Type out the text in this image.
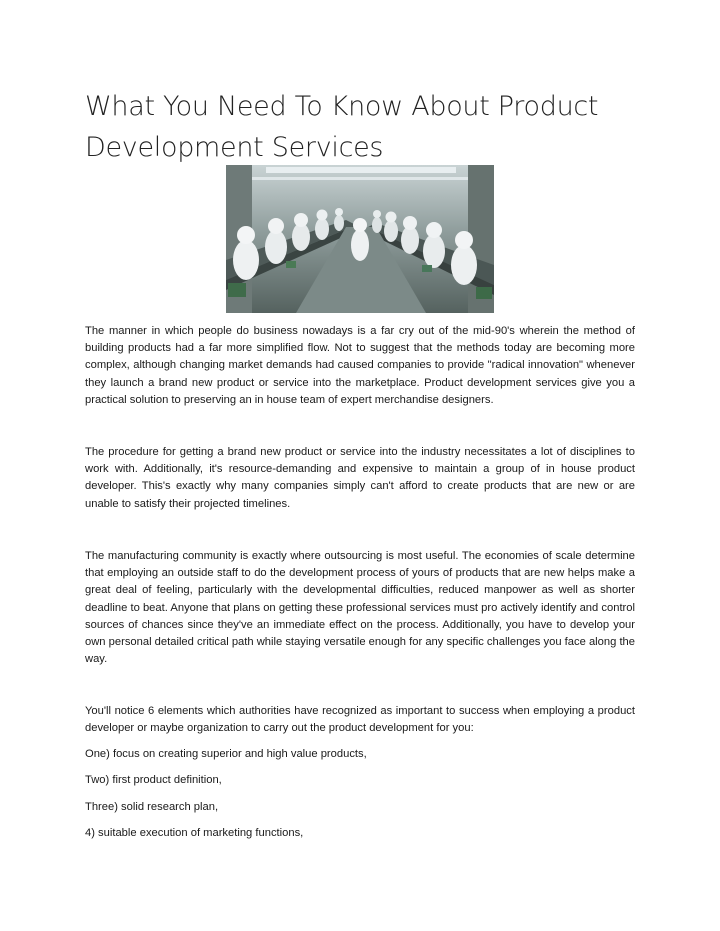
What You Need To Know About Product Development Services

The manner in which people do business nowadays is a far cry out of the mid-90's wherein the method of building products had a far more simplified flow. Not to suggest that the methods today are becoming more complex, although changing market demands had caused companies to provide "radical innovation" whenever they launch a brand new product or service into the marketplace. Product development services give you a practical solution to preserving an in house team of expert merchandise designers.

The procedure for getting a brand new product or service into the industry necessitates a lot of disciplines to work with. Additionally, it's resource-demanding and expensive to maintain a group of in house product developer. This's exactly why many companies simply can't afford to create products that are new or are unable to satisfy their projected timelines.

The manufacturing community is exactly where outsourcing is most useful. The economies of scale determine that employing an outside staff to do the development process of yours of products that are new helps make a great deal of feeling, particularly with the developmental difficulties, reduced manpower as well as shorter deadline to beat. Anyone that plans on getting these professional services must pro actively identify and control sources of chances since they've an immediate effect on the process. Additionally, you have to develop your own personal detailed critical path while staying versatile enough for any specific challenges you face along the way.

You'll notice 6 elements which authorities have recognized as important to success when employing a product developer or maybe organization to carry out the product development for you:

One) focus on creating superior and high value products,

Two) first product definition,

Three) solid research plan,

4) suitable execution of marketing functions,
